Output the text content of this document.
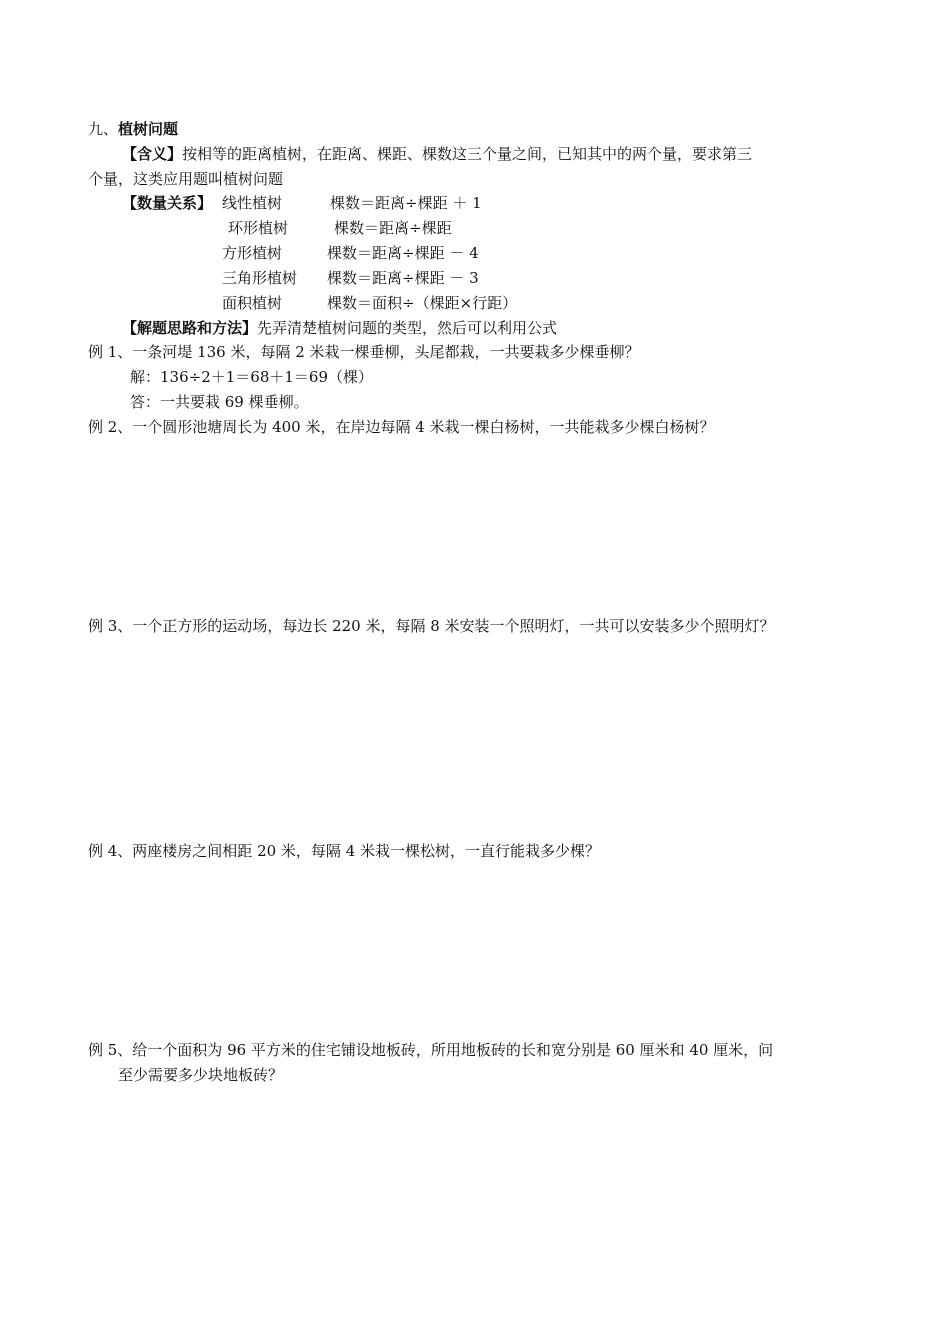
九、植树问题
【含义】按相等的距离植树，在距离、棵距、棵数这三个量之间，已知其中的两个量，要求第三
个量，这类应用题叫植树问题
【数量关系】 线性植树	棵数＝距离÷棵距 ＋ 1
环形植树	棵数＝距离÷棵距
方形植树	棵数＝距离÷棵距 － 4
三角形植树 棵数＝距离÷棵距 － 3
面积植树	棵数＝面积÷（棵距×行距）
【解题思路和方法】先弄清楚植树问题的类型，然后可以利用公式
例 1、一条河堤 136 米，每隔 2 米栽一棵垂柳，头尾都栽，一共要栽多少棵垂柳？
解：136÷2＋1＝68＋1＝69（棵）
答：一共要栽 69 棵垂柳。
例 2、一个圆形池塘周长为 400 米，在岸边每隔 4 米栽一棵白杨树，一共能栽多少棵白杨树？
例 3、一个正方形的运动场，每边长 220 米，每隔 8 米安装一个照明灯，一共可以安装多少个照明灯？
例 4、两座楼房之间相距 20 米，每隔 4 米栽一棵松树，一直行能栽多少棵？
例 5、给一个面积为 96 平方米的住宅铺设地板砖，所用地板砖的长和宽分别是 60 厘米和 40 厘米，问
至少需要多少块地板砖？
